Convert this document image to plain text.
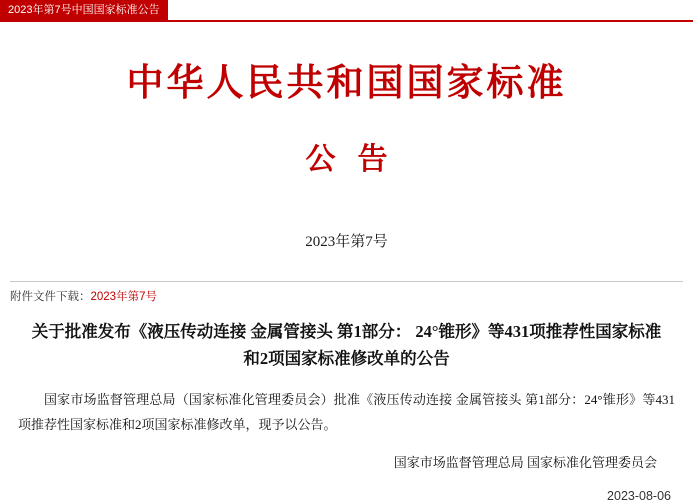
2023年第7号中国国家标准公告
中华人民共和国国家标准
公告
2023年第7号
附件文件下载：2023年第7号
关于批准发布《液压传动连接 金属管接头 第1部分： 24°锥形》等431项推荐性国家标准和2项国家标准修改单的公告
国家市场监督管理总局（国家标准化管理委员会）批准《液压传动连接 金属管接头 第1部分：24°锥形》等431项推荐性国家标准和2项国家标准修改单，现予以公告。
国家市场监督管理总局 国家标准化管理委员会
2023-08-06
